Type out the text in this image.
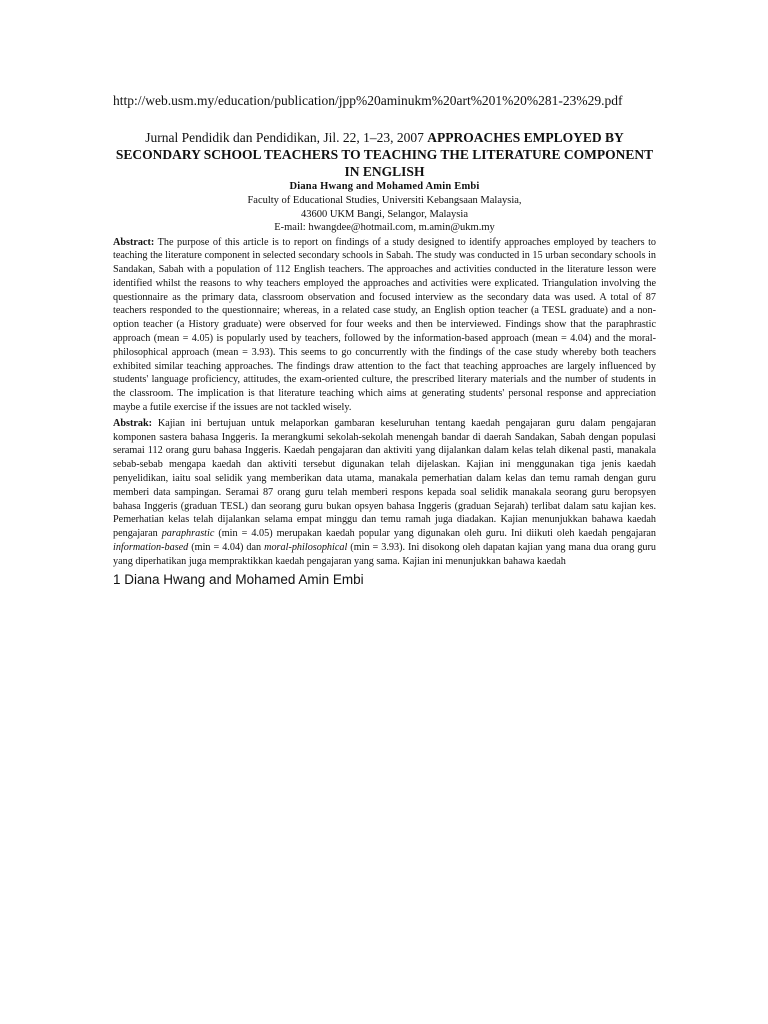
http://web.usm.my/education/publication/jpp%20aminukm%20art%201%20%281-23%29.pdf

Jurnal Pendidik dan Pendidikan, Jil. 22, 1–23, 2007 APPROACHES EMPLOYED BY SECONDARY SCHOOL TEACHERS TO TEACHING THE LITERATURE COMPONENT IN ENGLISH

Diana Hwang and Mohamed Amin Embi

Faculty of Educational Studies, Universiti Kebangsaan Malaysia,

43600 UKM Bangi, Selangor, Malaysia

E-mail: hwangdee@hotmail.com, m.amin@ukm.my

Abstract: The purpose of this article is to report on findings of a study designed to identify approaches employed by teachers to teaching the literature component in selected secondary schools in Sabah. The study was conducted in 15 urban secondary schools in Sandakan, Sabah with a population of 112 English teachers. The approaches and activities conducted in the literature lesson were identified whilst the reasons to why teachers employed the approaches and activities were explicated. Triangulation involving the questionnaire as the primary data, classroom observation and focused interview as the secondary data was used. A total of 87 teachers responded to the questionnaire; whereas, in a related case study, an English option teacher (a TESL graduate) and a non-option teacher (a History graduate) were observed for four weeks and then be interviewed. Findings show that the paraphrastic approach (mean = 4.05) is popularly used by teachers, followed by the information-based approach (mean = 4.04) and the moral-philosophical approach (mean = 3.93). This seems to go concurrently with the findings of the case study whereby both teachers exhibited similar teaching approaches. The findings draw attention to the fact that teaching approaches are largely influenced by students' language proficiency, attitudes, the exam-oriented culture, the prescribed literary materials and the number of students in the classroom. The implication is that literature teaching which aims at generating students' personal response and appreciation maybe a futile exercise if the issues are not tackled wisely.

Abstrak: Kajian ini bertujuan untuk melaporkan gambaran keseluruhan tentang kaedah pengajaran guru dalam pengajaran komponen sastera bahasa Inggeris. Ia merangkumi sekolah-sekolah menengah bandar di daerah Sandakan, Sabah dengan populasi seramai 112 orang guru bahasa Inggeris. Kaedah pengajaran dan aktiviti yang dijalankan dalam kelas telah dikenal pasti, manakala sebab-sebab mengapa kaedah dan aktiviti tersebut digunakan telah dijelaskan. Kajian ini menggunakan tiga jenis kaedah penyelidikan, iaitu soal selidik yang memberikan data utama, manakala pemerhatian dalam kelas dan temu ramah dengan guru memberi data sampingan. Seramai 87 orang guru telah memberi respons kepada soal selidik manakala seorang guru beropsyen bahasa Inggeris (graduan TESL) dan seorang guru bukan opsyen bahasa Inggeris (graduan Sejarah) terlibat dalam satu kajian kes. Pemerhatian kelas telah dijalankan selama empat minggu dan temu ramah juga diadakan. Kajian menunjukkan bahawa kaedah pengajaran paraphrastic (min = 4.05) merupakan kaedah popular yang digunakan oleh guru. Ini diikuti oleh kaedah pengajaran information-based (min = 4.04) dan moral-philosophical (min = 3.93). Ini disokong oleh dapatan kajian yang mana dua orang guru yang diperhatikan juga mempraktikkan kaedah pengajaran yang sama. Kajian ini menunjukkan bahawa kaedah

1 Diana Hwang and Mohamed Amin Embi
